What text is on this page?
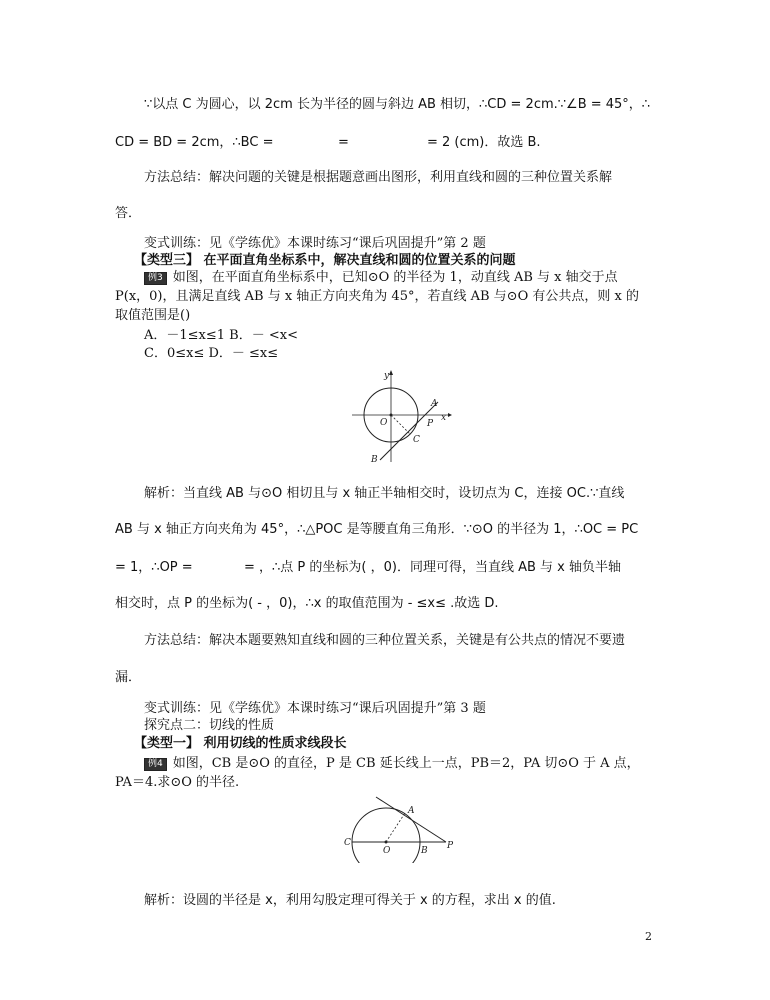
∵以点 C 为圆心，以 2cm 长为半径的圆与斜边 AB 相切，∴CD = 2cm.∵∠B = 45°，∴
CD = BD = 2cm，∴BC =	=	= 2 (cm)．故选 B.
方法总结：解决问题的关键是根据题意画出图形，利用直线和圆的三种位置关系解
答．
变式训练：见《学练优》本课时练习“课后巩固提升”第 2 题
【类型三】 在平面直角坐标系中，解决直线和圆的位置关系的问题
例3 如图，在平面直角坐标系中，已知⊙O 的半径为 1，动直线 AB 与 x 轴交于点
P(x，0)，且满足直线 AB 与 x 轴正方向夹角为 45°，若直线 AB 与⊙O 有公共点，则 x 的
取值范围是()
A．－1≤x≤1 B．－ <x<
C．0≤x≤ D．－ ≤x≤
y
x
A
O	P
C
B
解析：当直线 AB 与⊙O 相切且与 x 轴正半轴相交时，设切点为 C，连接 OC.∵直线
AB 与 x 轴正方向夹角为 45°，∴△POC 是等腰直角三角形．∵⊙O 的半径为 1，∴OC = PC
= 1，∴OP =	= ，∴点 P 的坐标为( ，0)．同理可得，当直线 AB 与 x 轴负半轴
相交时，点 P 的坐标为( - ，0)，∴x 的取值范围为 - ≤x≤ .故选 D.
方法总结：解决本题要熟知直线和圆的三种位置关系，关键是有公共点的情况不要遗
漏．
变式训练：见《学练优》本课时练习“课后巩固提升”第 3 题
探究点二：切线的性质
【类型一】 利用切线的性质求线段长
例4 如图，CB 是⊙O 的直径，P 是 CB 延长线上一点，PB＝2，PA 切⊙O 于 A 点，
PA＝4.求⊙O 的半径.
A
C
O	B P
解析：设圆的半径是 x，利用勾股定理可得关于 x 的方程，求出 x 的值.
2
